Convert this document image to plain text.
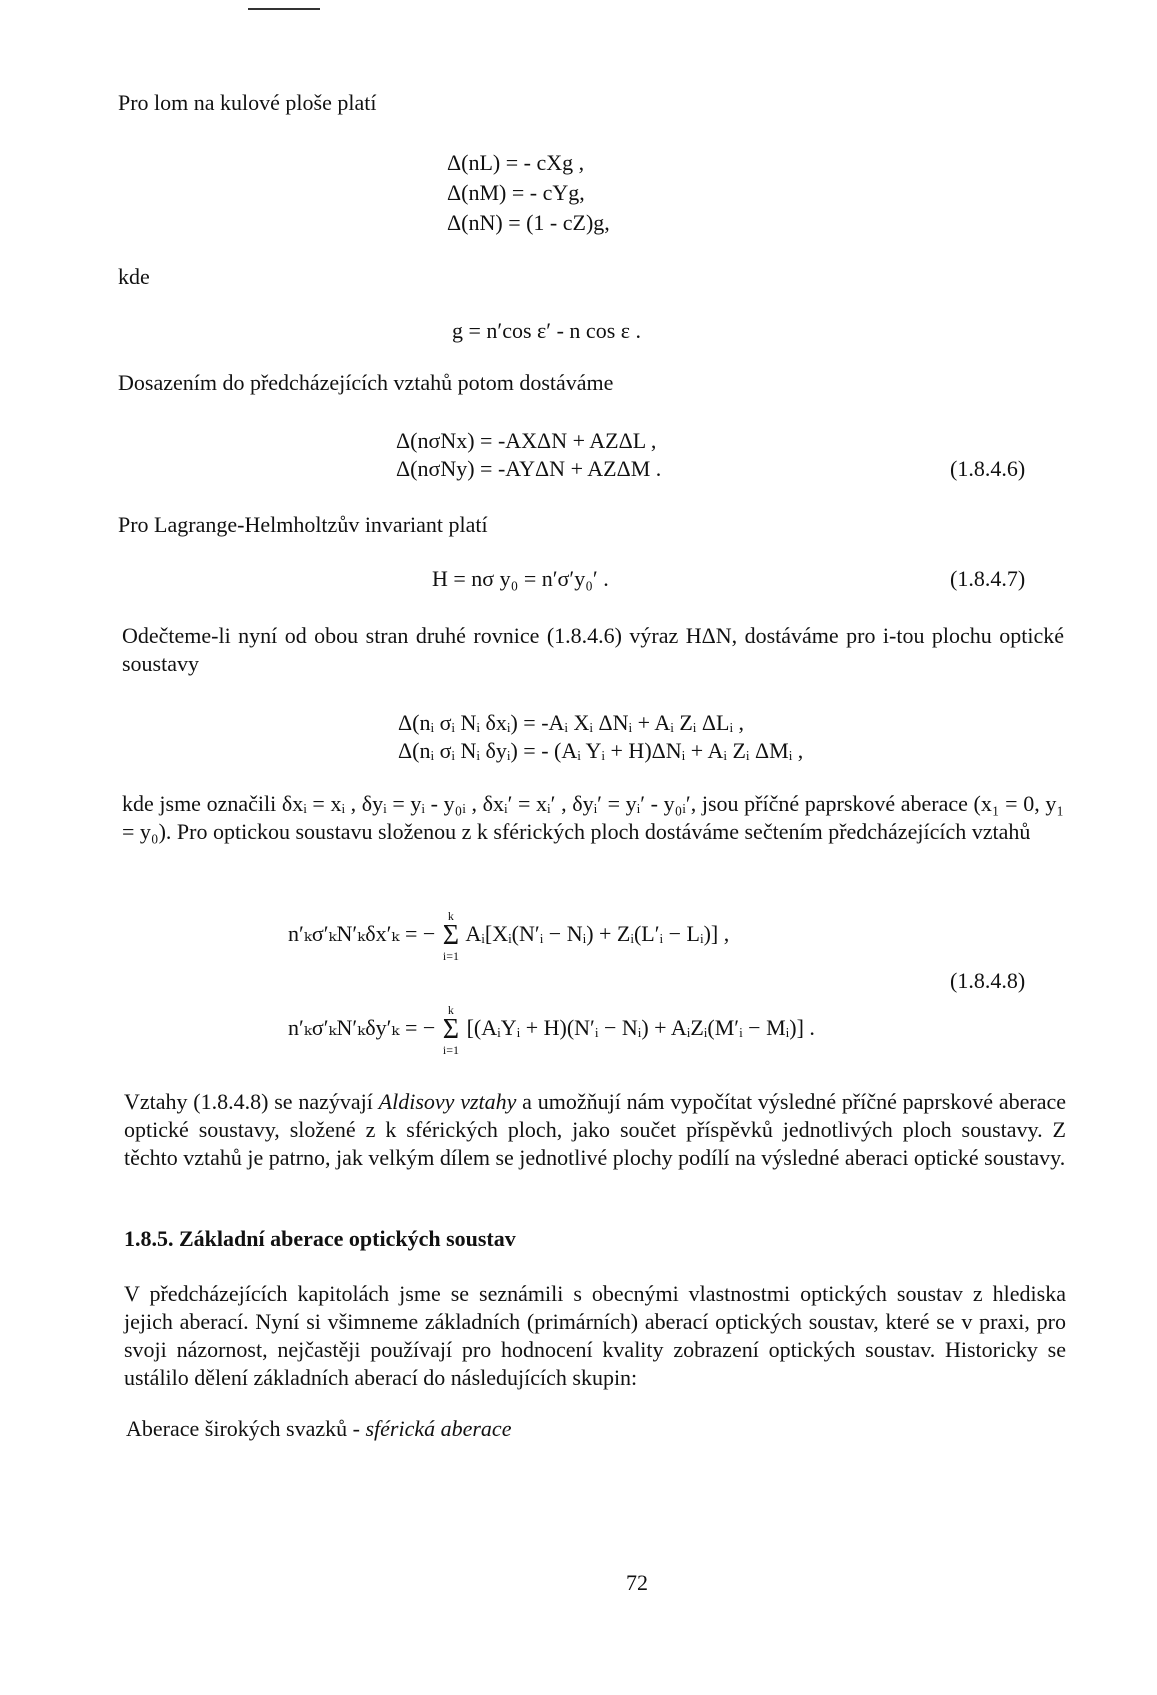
Pro lom na kulové ploše platí
Δ(nL) = - cXg ,
Δ(nM) = - cYg,
Δ(nN) = (1 - cZ)g,
kde
g = n′cos ε′ - n cos ε .
Dosazením do předcházejících vztahů potom dostáváme
Δ(nσNx) = -AXΔN + AZΔL ,
Δ(nσNy) = -AYΔN + AZΔM .	(1.8.4.6)
Pro Lagrange-Helmholtzův invariant platí
H = nσ y₀ = n′σ′y₀′ .	(1.8.4.7)
Odečteme-li nyní od obou stran druhé rovnice (1.8.4.6) výraz HΔN, dostáváme pro i-tou plochu optické soustavy
Δ(nᵢ σᵢ Nᵢ δxᵢ) = -Aᵢ Xᵢ ΔNᵢ + Aᵢ Zᵢ ΔLᵢ ,
Δ(nᵢ σᵢ Nᵢ δyᵢ) = - (Aᵢ Yᵢ + H)ΔNᵢ + Aᵢ Zᵢ ΔMᵢ ,
kde jsme označili δxᵢ = xᵢ , δyᵢ = yᵢ - y₀ᵢ , δxᵢ′ = xᵢ′ , δyᵢ′ = yᵢ′ - y₀ᵢ′, jsou příčné paprskové aberace (x₁ = 0, y₁ = y₀). Pro optickou soustavu složenou z k sférických ploch dostáváme sečtením předcházejících vztahů
n′ₖσ′ₖN′ₖδx′ₖ = −
k
Σ
i=1
Aᵢ[Xᵢ(N′ᵢ − Nᵢ) + Zᵢ(L′ᵢ − Lᵢ)] ,
(1.8.4.8)
n′ₖσ′ₖN′ₖδy′ₖ = −
k
Σ
i=1
[(AᵢYᵢ + H)(N′ᵢ − Nᵢ) + AᵢZᵢ(M′ᵢ − Mᵢ)] .
Vztahy (1.8.4.8) se nazývají Aldisovy vztahy a umožňují nám vypočítat výsledné příčné paprskové aberace optické soustavy, složené z k sférických ploch, jako součet příspěvků jednotlivých ploch soustavy. Z těchto vztahů je patrno, jak velkým dílem se jednotlivé plochy podílí na výsledné aberaci optické soustavy.
1.8.5. Základní aberace optických soustav
V předcházejících kapitolách jsme se seznámili s obecnými vlastnostmi optických soustav z hlediska jejich aberací. Nyní si všimneme základních (primárních) aberací optických soustav, které se v praxi, pro svoji názornost, nejčastěji používají pro hodnocení kvality zobrazení optických soustav. Historicky se ustálilo dělení základních aberací do následujících skupin:
Aberace širokých svazků - sférická aberace
72
